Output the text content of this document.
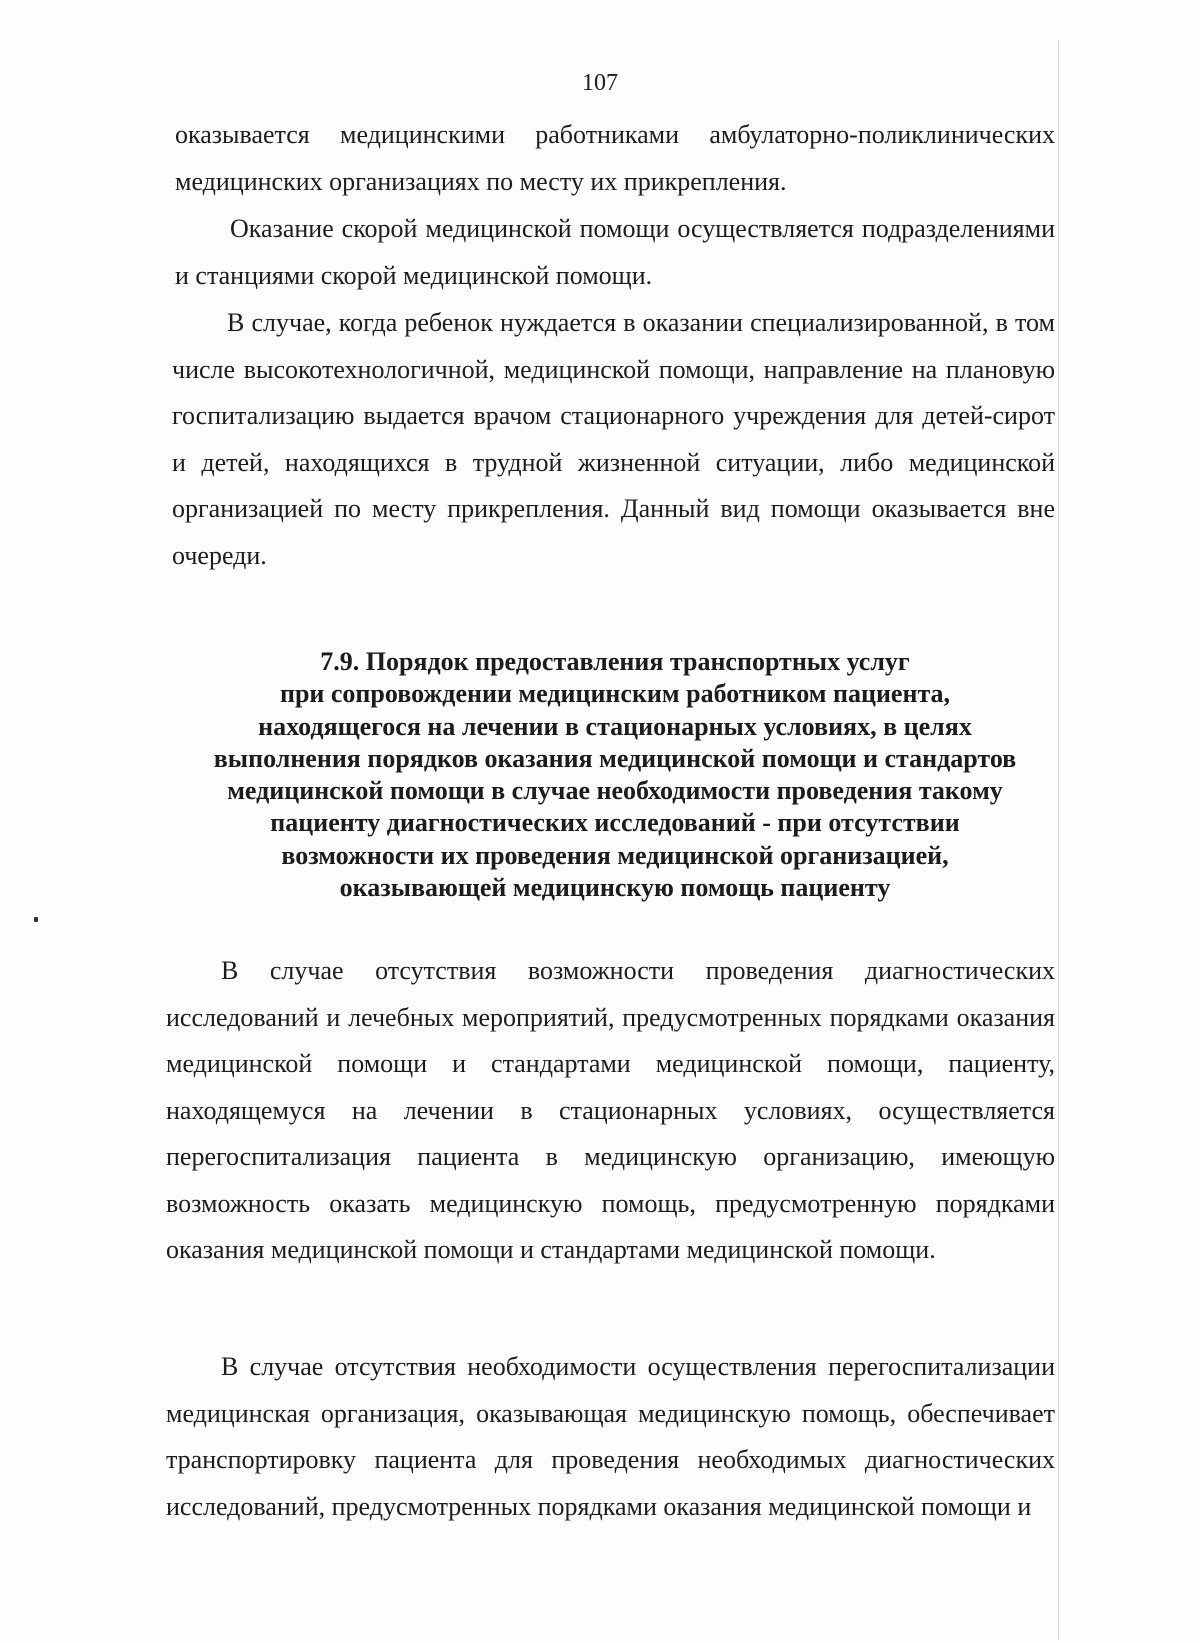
107

оказывается медицинскими работниками амбулаторно-поликлинических медицинских организациях по месту их прикрепления.

Оказание скорой медицинской помощи осуществляется подразделениями и станциями скорой медицинской помощи.

В случае, когда ребенок нуждается в оказании специализированной, в том числе высокотехнологичной, медицинской помощи, направление на плановую госпитализацию выдается врачом стационарного учреждения для детей-сирот и детей, находящихся в трудной жизненной ситуации, либо медицинской организацией по месту прикрепления. Данный вид помощи оказывается вне очереди.

7.9. Порядок предоставления транспортных услуг
при сопровождении медицинским работником пациента,
находящегося на лечении в стационарных условиях, в целях
выполнения порядков оказания медицинской помощи и стандартов
медицинской помощи в случае необходимости проведения такому
пациенту диагностических исследований - при отсутствии
возможности их проведения медицинской организацией,
оказывающей медицинскую помощь пациенту

В случае отсутствия возможности проведения диагностических исследований и лечебных мероприятий, предусмотренных порядками оказания медицинской помощи и стандартами медицинской помощи, пациенту, находящемуся на лечении в стационарных условиях, осуществляется перегоспитализация пациента в медицинскую организацию, имеющую возможность оказать медицинскую помощь, предусмотренную порядками оказания медицинской помощи и стандартами медицинской помощи.

В случае отсутствия необходимости осуществления перегоспитализации медицинская организация, оказывающая медицинскую помощь, обеспечивает транспортировку пациента для проведения необходимых диагностических исследований, предусмотренных порядками оказания медицинской помощи и
